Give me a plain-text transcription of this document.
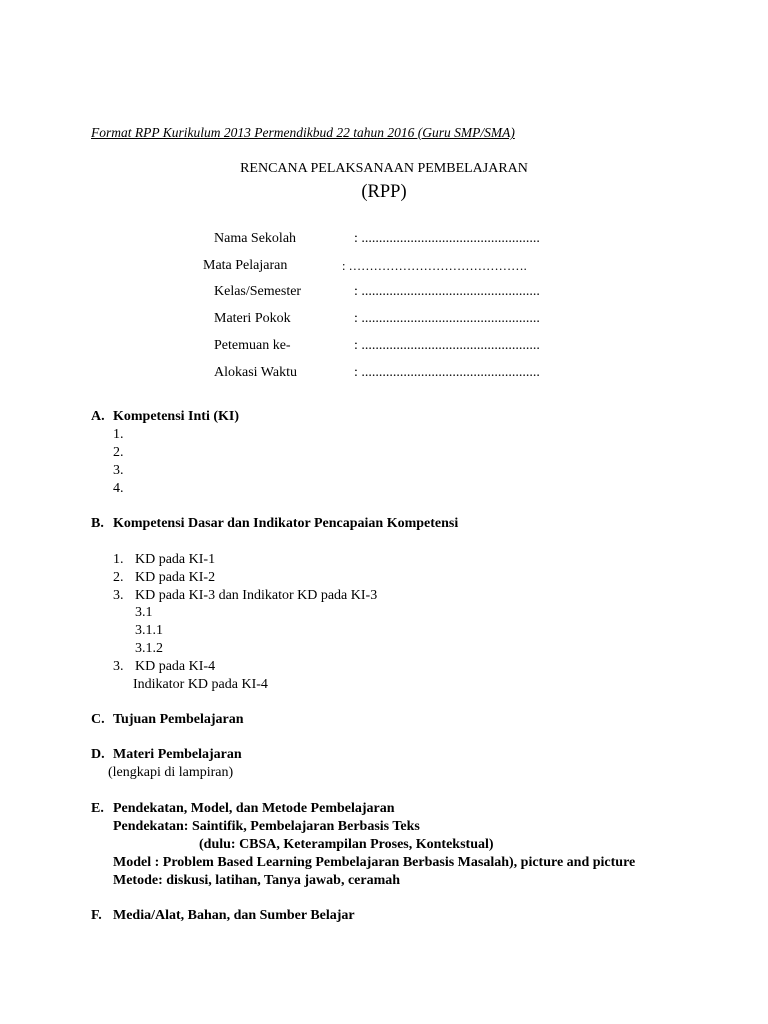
Format RPP Kurikulum 2013 Permendikbud 22 tahun 2016 (Guru SMP/SMA)
RENCANA PELAKSANAAN PEMBELAJARAN
(RPP)
Nama Sekolah	: ...................................................
Mata Pelajaran	: …………………………………….
Kelas/Semester	: ...................................................
Materi Pokok	: ...................................................
Petemuan ke-	: ...................................................
Alokasi Waktu	: ...................................................
A. Kompetensi Inti (KI)
1.
2.
3.
4.
B. Kompetensi Dasar dan Indikator Pencapaian Kompetensi
1. KD pada KI-1
2. KD pada KI-2
3. KD pada KI-3 dan Indikator KD pada KI-3
3.1
3.1.1
3.1.2
3. KD pada KI-4
Indikator KD pada KI-4
C. Tujuan Pembelajaran
D. Materi Pembelajaran
(lengkapi di lampiran)
E. Pendekatan, Model, dan Metode Pembelajaran
Pendekatan: Saintifik, Pembelajaran Berbasis Teks
(dulu: CBSA, Keterampilan Proses, Kontekstual)
Model : Problem Based Learning Pembelajaran Berbasis Masalah), picture and picture
Metode: diskusi, latihan, Tanya jawab, ceramah
F. Media/Alat, Bahan, dan Sumber Belajar
